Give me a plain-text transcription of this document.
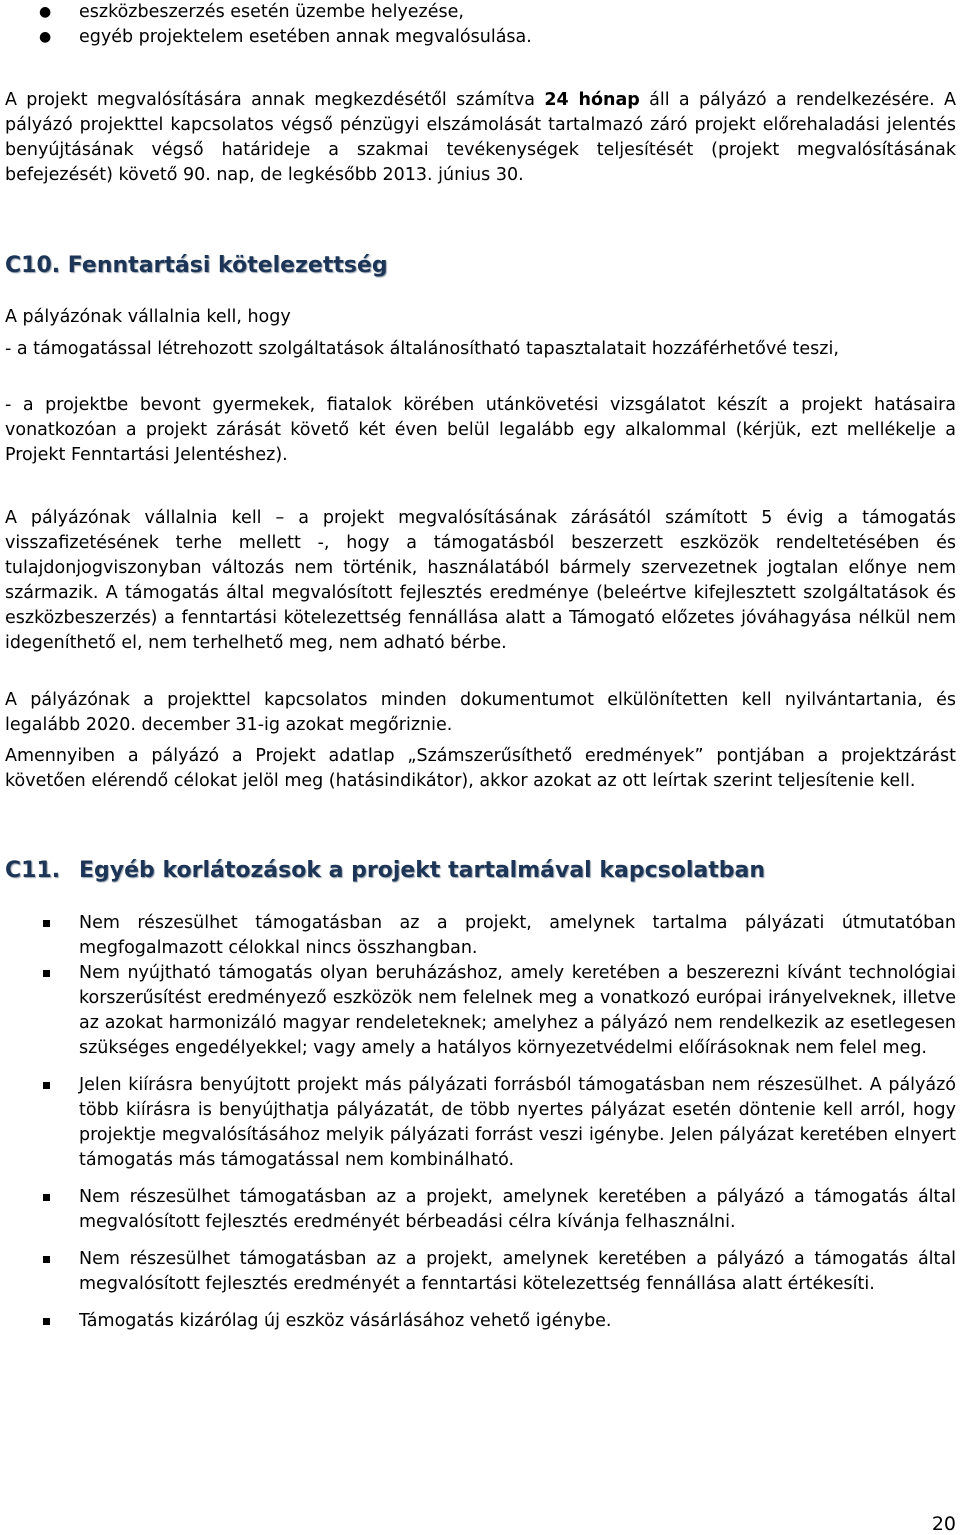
● eszközbeszerzés esetén üzembe helyezése,
● egyéb projektelem esetében annak megvalósulása.

A projekt megvalósítására annak megkezdésétől számítva 24 hónap áll a pályázó a rendelkezésére. A pályázó projekttel kapcsolatos végső pénzügyi elszámolását tartalmazó záró projekt előrehaladási jelentés benyújtásának végső határideje a szakmai tevékenységek teljesítését (projekt megvalósításának befejezését) követő 90. nap, de legkésőbb 2013. június 30.

C10. Fenntartási kötelezettség

A pályázónak vállalnia kell, hogy

- a támogatással létrehozott szolgáltatások általánosítható tapasztalatait hozzáférhetővé teszi,

- a projektbe bevont gyermekek, fiatalok körében utánkövetési vizsgálatot készít a projekt hatásaira vonatkozóan a projekt zárását követő két éven belül legalább egy alkalommal (kérjük, ezt mellékelje a Projekt Fenntartási Jelentéshez).

A pályázónak vállalnia kell – a projekt megvalósításának zárásától számított 5 évig a támogatás visszafizetésének terhe mellett -, hogy a támogatásból beszerzett eszközök rendeltetésében és tulajdonjogviszonyban változás nem történik, használatából bármely szervezetnek jogtalan előnye nem származik. A támogatás által megvalósított fejlesztés eredménye (beleértve kifejlesztett szolgáltatások és eszközbeszerzés) a fenntartási kötelezettség fennállása alatt a Támogató előzetes jóváhagyása nélkül nem idegeníthető el, nem terhelhető meg, nem adható bérbe.

A pályázónak a projekttel kapcsolatos minden dokumentumot elkülönítetten kell nyilvántartania, és legalább 2020. december 31-ig azokat megőriznie.

Amennyiben a pályázó a Projekt adatlap „Számszerűsíthető eredmények” pontjában a projektzárást követően elérendő célokat jelöl meg (hatásindikátor), akkor azokat az ott leírtak szerint teljesítenie kell.

C11. Egyéb korlátozások a projekt tartalmával kapcsolatban
Nem részesülhet támogatásban az a projekt, amelynek tartalma pályázati útmutatóban megfogalmazott célokkal nincs összhangban.
Nem nyújtható támogatás olyan beruházáshoz, amely keretében a beszerezni kívánt technológiai korszerűsítést eredményező eszközök nem felelnek meg a vonatkozó európai irányelveknek, illetve az azokat harmonizáló magyar rendeleteknek; amelyhez a pályázó nem rendelkezik az esetlegesen szükséges engedélyekkel; vagy amely a hatályos környezetvédelmi előírásoknak nem felel meg.
Jelen kiírásra benyújtott projekt más pályázati forrásból támogatásban nem részesülhet. A pályázó több kiírásra is benyújthatja pályázatát, de több nyertes pályázat esetén döntenie kell arról, hogy projektje megvalósításához melyik pályázati forrást veszi igénybe. Jelen pályázat keretében elnyert támogatás más támogatással nem kombinálható.
Nem részesülhet támogatásban az a projekt, amelynek keretében a pályázó a támogatás által megvalósított fejlesztés eredményét bérbeadási célra kívánja felhasználni.
Nem részesülhet támogatásban az a projekt, amelynek keretében a pályázó a támogatás által megvalósított fejlesztés eredményét a fenntartási kötelezettség fennállása alatt értékesíti.
Támogatás kizárólag új eszköz vásárlásához vehető igénybe.
20
